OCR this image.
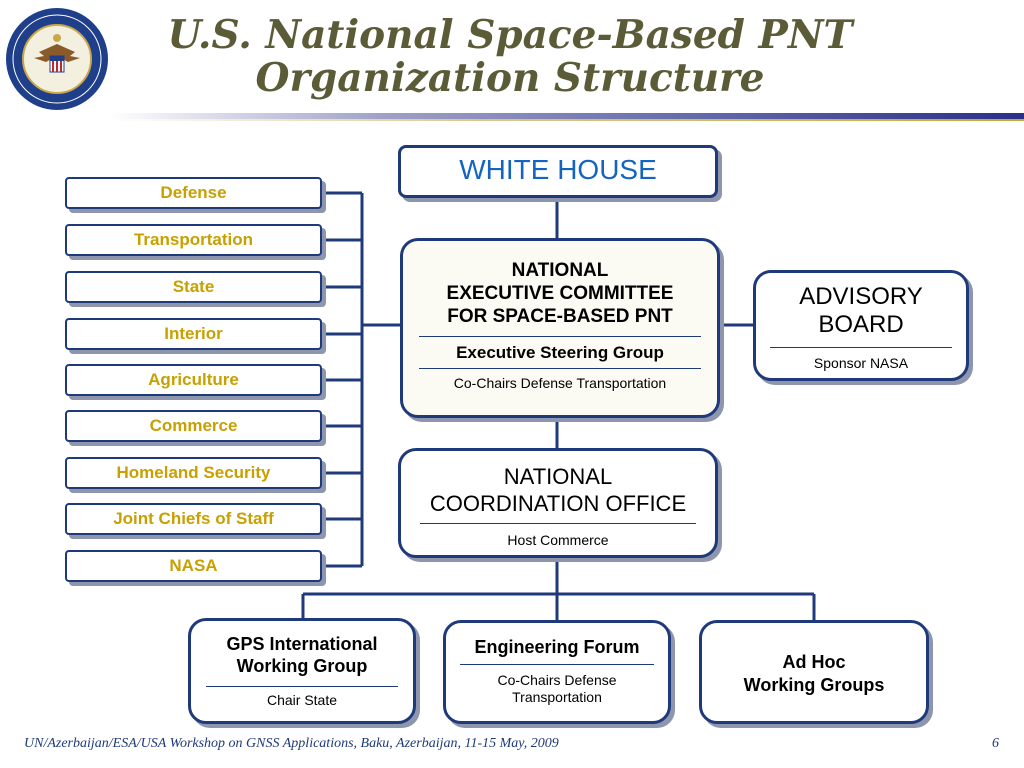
U.S. National Space-Based PNT
Organization Structure
Defense
Transportation
State
Interior
Agriculture
Commerce
Homeland Security
Joint Chiefs of Staff
NASA
WHITE HOUSE
NATIONAL
EXECUTIVE COMMITTEE
FOR SPACE-BASED PNT
Executive Steering Group
Co-Chairs Defense Transportation
ADVISORY
BOARD
Sponsor NASA
NATIONAL
COORDINATION OFFICE
Host Commerce
GPS International
Working Group
Chair State
Engineering Forum
Co-Chairs Defense
Transportation
Ad Hoc
Working Groups
UN/Azerbaijan/ESA/USA Workshop on GNSS Applications, Baku, Azerbaijan, 11-15 May, 2009	6
